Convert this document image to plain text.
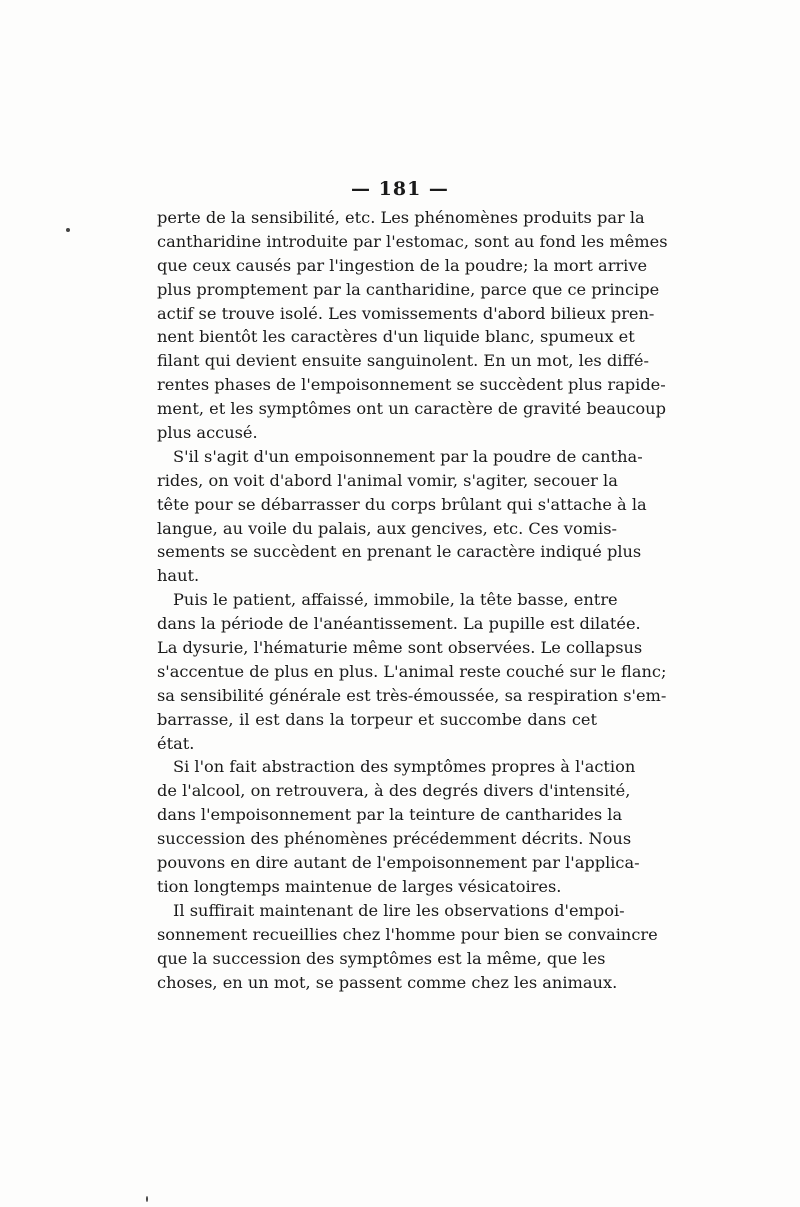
— 181 —
perte de la sensibilité, etc. Les phénomènes produits par la
cantharidine introduite par l'estomac, sont au fond les mêmes
que ceux causés par l'ingestion de la poudre; la mort arrive
plus promptement par la cantharidine, parce que ce principe
actif se trouve isolé. Les vomissements d'abord bilieux pren-
nent bientôt les caractères d'un liquide blanc, spumeux et
filant qui devient ensuite sanguinolent. En un mot, les diffé-
rentes phases de l'empoisonnement se succèdent plus rapide-
ment, et les symptômes ont un caractère de gravité beaucoup
plus accusé.
S'il s'agit d'un empoisonnement par la poudre de cantha-
rides, on voit d'abord l'animal vomir, s'agiter, secouer la
tête pour se débarrasser du corps brûlant qui s'attache à la
langue, au voile du palais, aux gencives, etc. Ces vomis-
sements se succèdent en prenant le caractère indiqué plus
haut.
Puis le patient, affaissé, immobile, la tête basse, entre
dans la période de l'anéantissement. La pupille est dilatée.
La dysurie, l'hématurie même sont observées. Le collapsus
s'accentue de plus en plus. L'animal reste couché sur le flanc;
sa sensibilité générale est très-émoussée, sa respiration s'em-
barrasse, il est dans la torpeur et succombe dans cet
état.
Si l'on fait abstraction des symptômes propres à l'action
de l'alcool, on retrouvera, à des degrés divers d'intensité,
dans l'empoisonnement par la teinture de cantharides la
succession des phénomènes précédemment décrits. Nous
pouvons en dire autant de l'empoisonnement par l'applica-
tion longtemps maintenue de larges vésicatoires.
Il suffirait maintenant de lire les observations d'empoi-
sonnement recueillies chez l'homme pour bien se convaincre
que la succession des symptômes est la même, que les
choses, en un mot, se passent comme chez les animaux.
